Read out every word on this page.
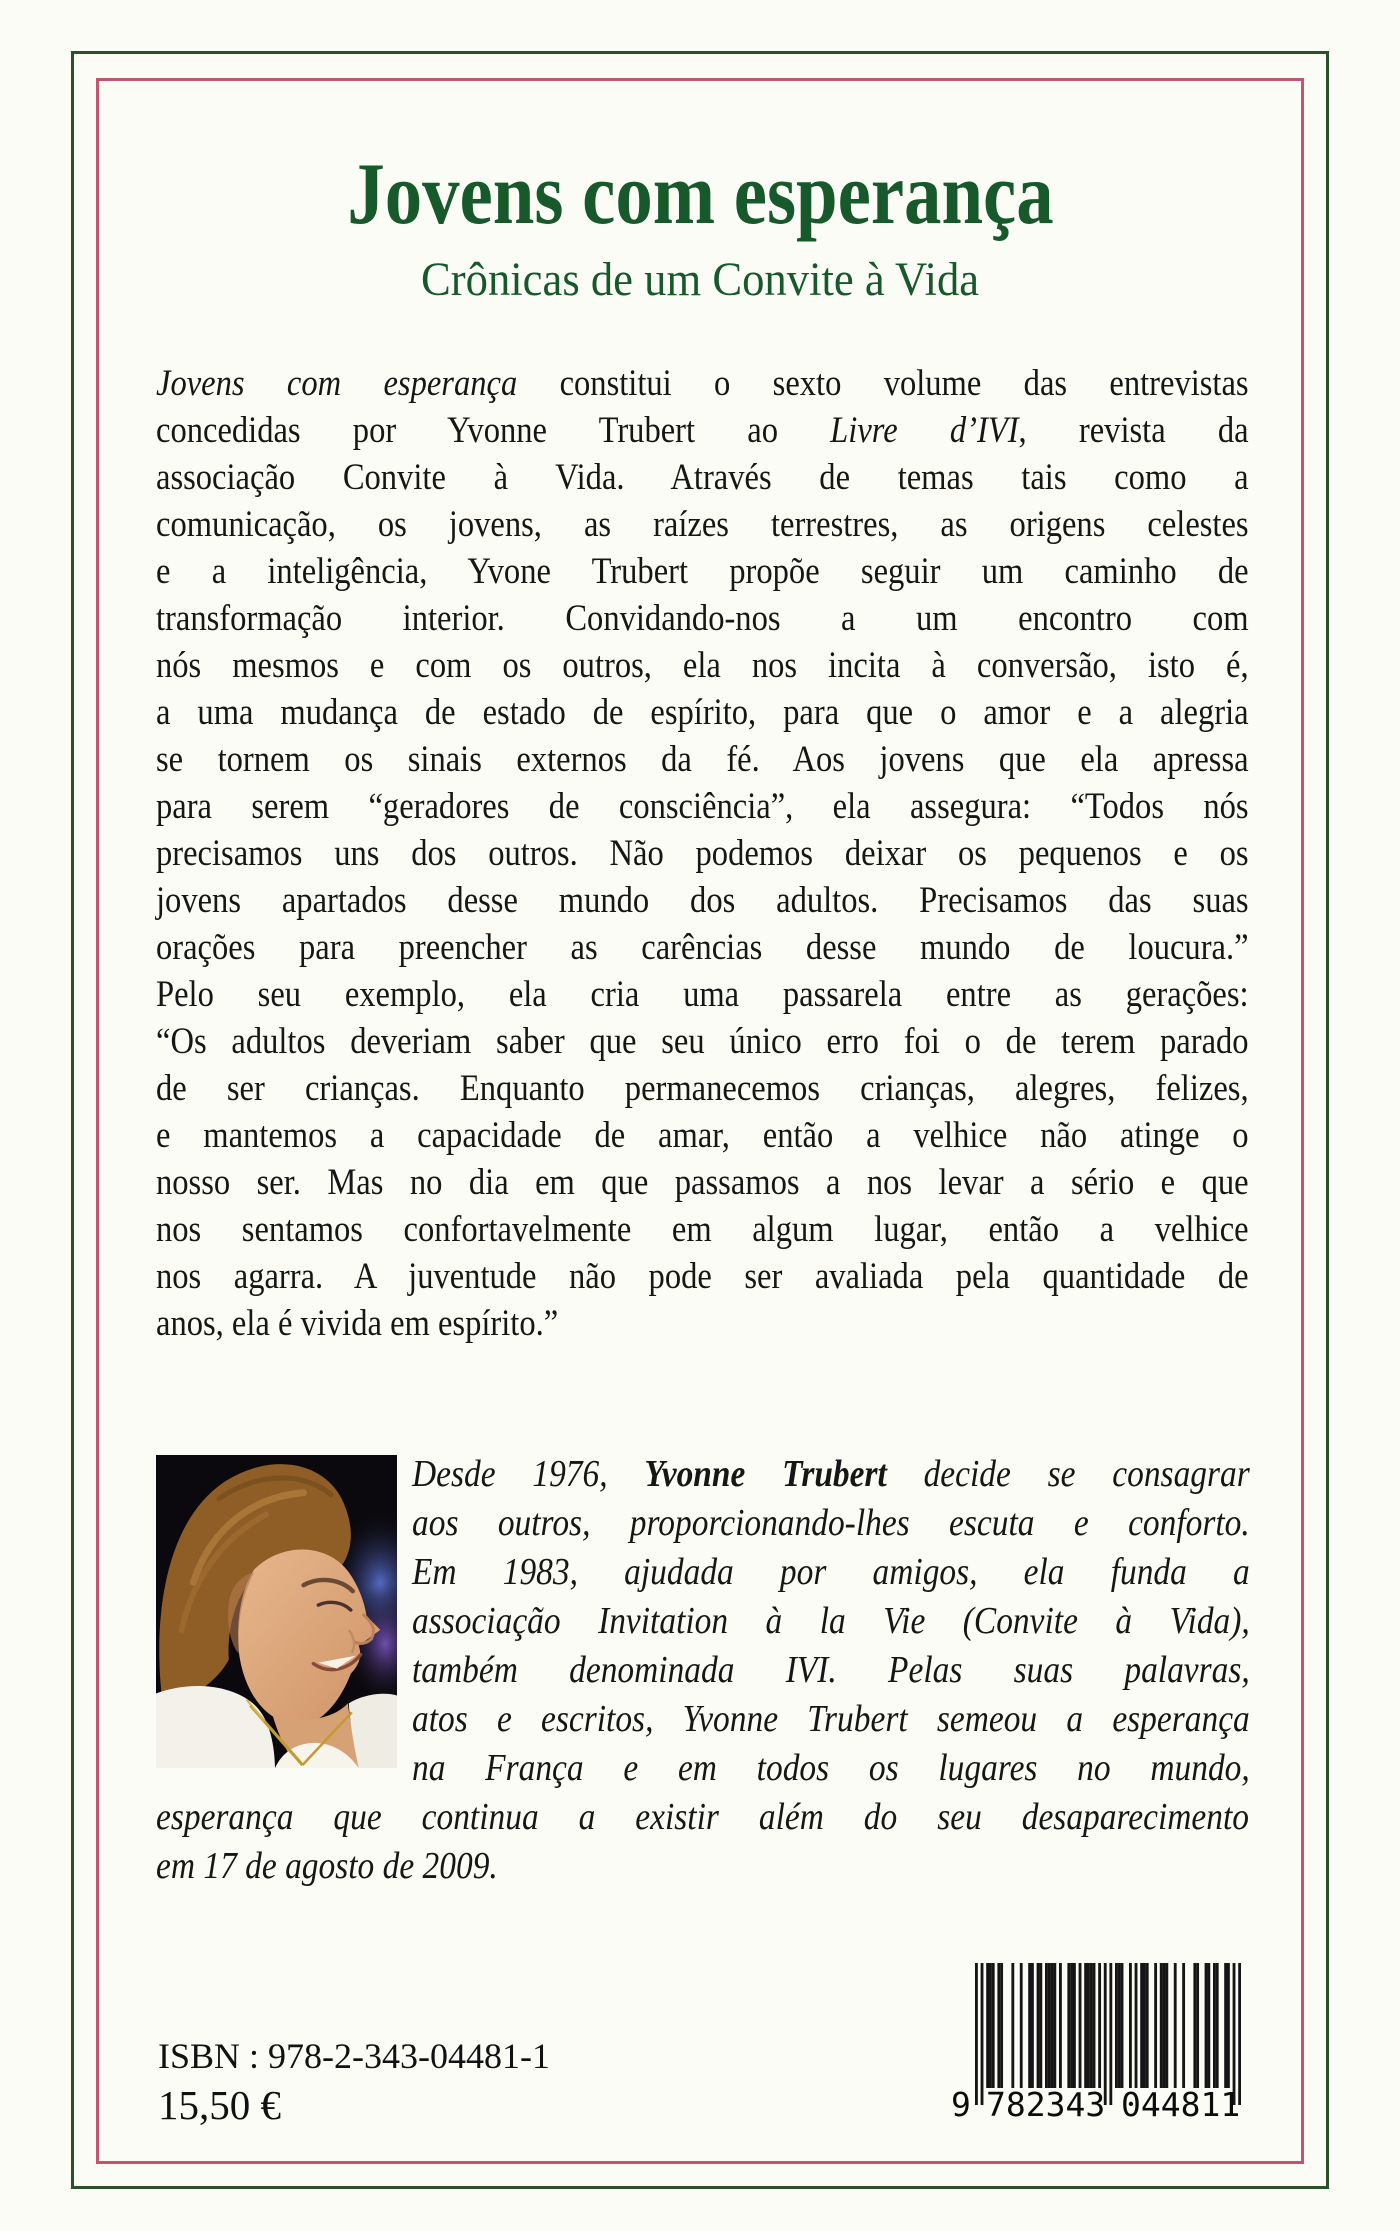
Jovens com esperança
Crônicas de um Convite à Vida
Jovens com esperança constitui o sexto volume das entrevistas
concedidas por Yvonne Trubert ao Livre d’IVI, revista da
associação Convite à Vida. Através de temas tais como a
comunicação, os jovens, as raízes terrestres, as origens celestes
e a inteligência, Yvone Trubert propõe seguir um caminho de
transformação interior. Convidando-nos a um encontro com
nós mesmos e com os outros, ela nos incita à conversão, isto é,
a uma mudança de estado de espírito, para que o amor e a alegria
se tornem os sinais externos da fé. Aos jovens que ela apressa
para serem “geradores de consciência”, ela assegura: “Todos nós
precisamos uns dos outros. Não podemos deixar os pequenos e os
jovens apartados desse mundo dos adultos. Precisamos das suas
orações para preencher as carências desse mundo de loucura.”
Pelo seu exemplo, ela cria uma passarela entre as gerações:
“Os adultos deveriam saber que seu único erro foi o de terem parado
de ser crianças. Enquanto permanecemos crianças, alegres, felizes,
e mantemos a capacidade de amar, então a velhice não atinge o
nosso ser. Mas no dia em que passamos a nos levar a sério e que
nos sentamos confortavelmente em algum lugar, então a velhice
nos agarra. A juventude não pode ser avaliada pela quantidade de
anos, ela é vivida em espírito.”
Desde 1976, Yvonne Trubert decide se consagrar
aos outros, proporcionando-lhes escuta e conforto.
Em 1983, ajudada por amigos, ela funda a
associação Invitation à la Vie (Convite à Vida),
também denominada IVI. Pelas suas palavras,
atos e escritos, Yvonne Trubert semeou a esperança
na França e em todos os lugares no mundo,
esperança que continua a existir além do seu desaparecimento
em 17 de agosto de 2009.
ISBN : 978-2-343-04481-1
15,50 €	9 7 8 2 3 4 3 0 4 4 8 1 1
